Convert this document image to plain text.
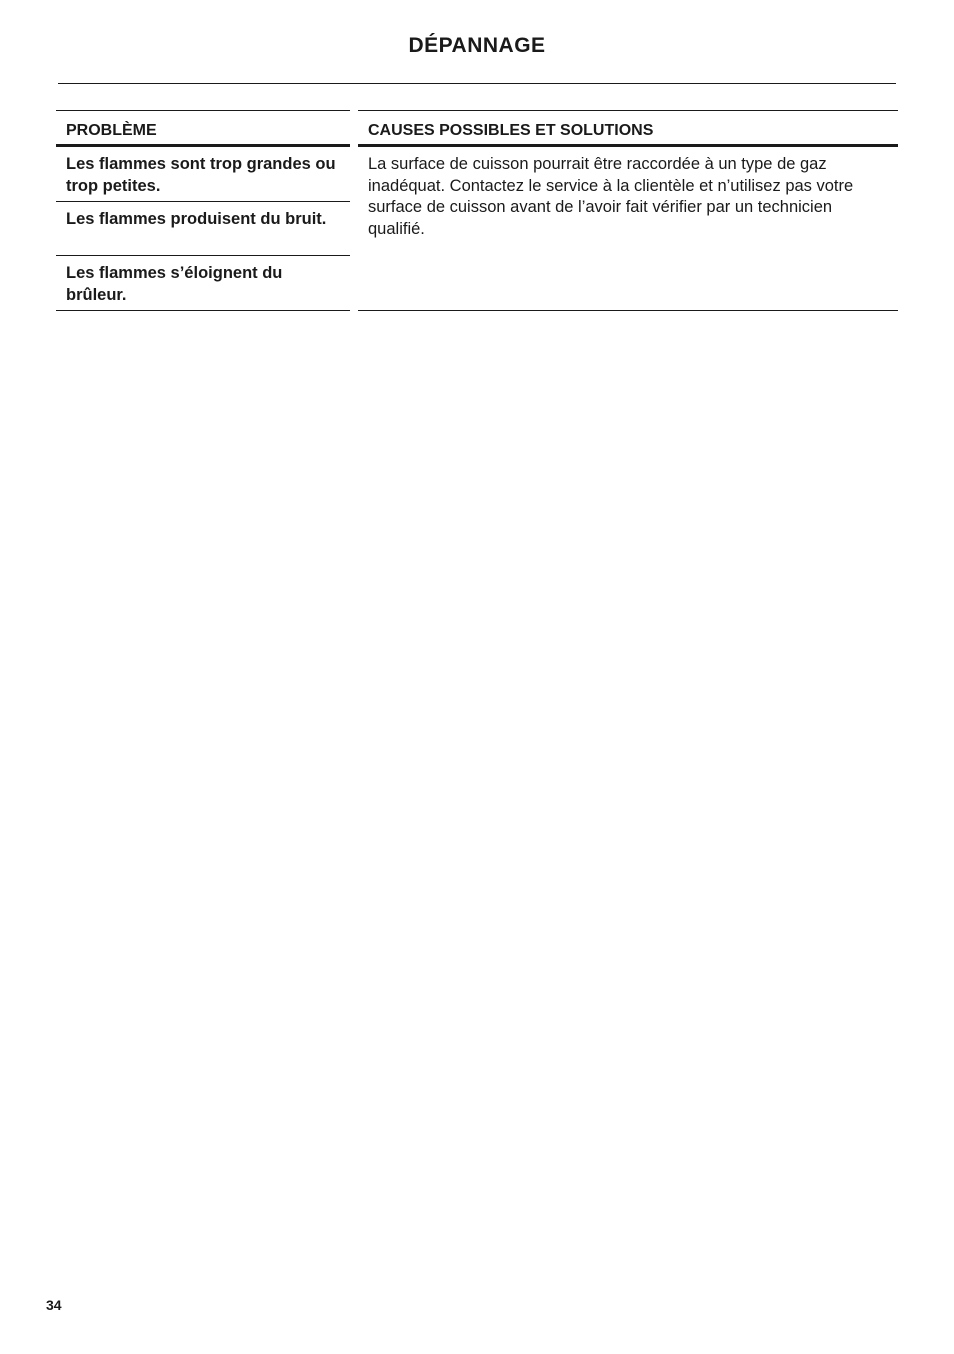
DÉPANNAGE
PROBLÈME
Les flammes sont trop grandes ou trop petites.
Les flammes produisent du bruit.
Les flammes s’éloignent du brûleur.
CAUSES POSSIBLES ET SOLUTIONS
La surface de cuisson pourrait être raccordée à un type de gaz inadéquat. Contactez le service à la clientèle et n’utilisez pas votre surface de cuisson avant de l’avoir fait vérifier par un technicien qualifié.
34
